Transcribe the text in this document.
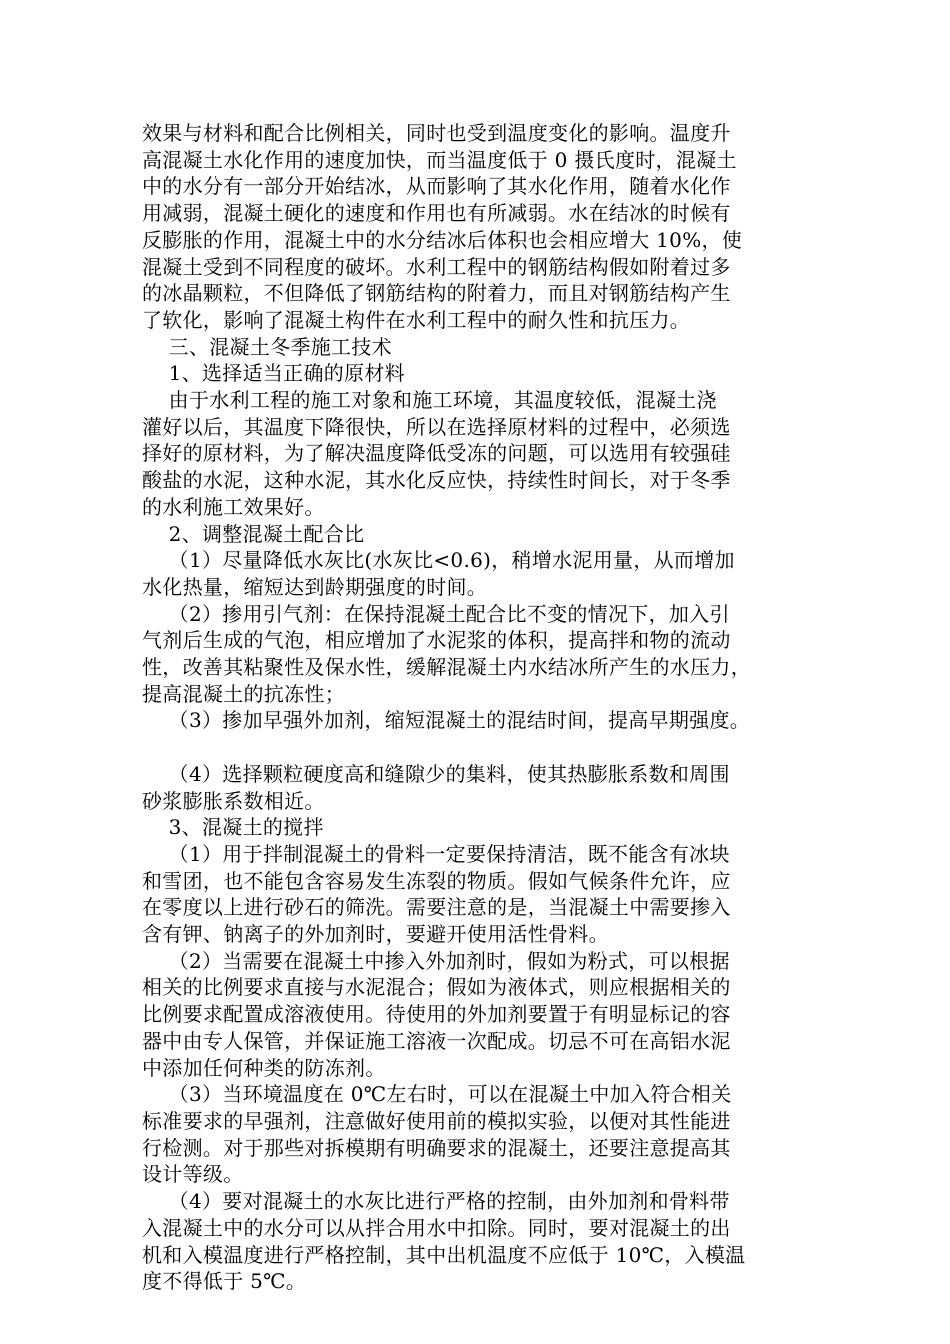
效果与材料和配合比例相关，同时也受到温度变化的影响。温度升

高混凝土水化作用的速度加快，而当温度低于 0 摄氏度时，混凝土

中的水分有一部分开始结冰，从而影响了其水化作用，随着水化作

用减弱，混凝土硬化的速度和作用也有所减弱。水在结冰的时候有

反膨胀的作用，混凝土中的水分结冰后体积也会相应增大 10%，使

混凝土受到不同程度的破坏。水利工程中的钢筋结构假如附着过多

的冰晶颗粒，不但降低了钢筋结构的附着力，而且对钢筋结构产生

了软化，影响了混凝土构件在水利工程中的耐久性和抗压力。

三、混凝土冬季施工技术

1、选择适当正确的原材料

由于水利工程的施工对象和施工环境，其温度较低，混凝土浇

灌好以后，其温度下降很快，所以在选择原材料的过程中，必须选

择好的原材料，为了解决温度降低受冻的问题，可以选用有较强硅

酸盐的水泥，这种水泥，其水化反应快，持续性时间长，对于冬季

的水利施工效果好。

2、调整混凝土配合比

（1）尽量降低水灰比(水灰比<0.6)，稍增水泥用量，从而增加

水化热量，缩短达到龄期强度的时间。

（2）掺用引气剂：在保持混凝土配合比不变的情况下，加入引

气剂后生成的气泡，相应增加了水泥浆的体积，提高拌和物的流动

性，改善其粘聚性及保水性，缓解混凝土内水结冰所产生的水压力，

提高混凝土的抗冻性；

（3）掺加早强外加剂，缩短混凝土的混结时间，提高早期强度。

（4）选择颗粒硬度高和缝隙少的集料，使其热膨胀系数和周围

砂浆膨胀系数相近。

3、混凝土的搅拌

（1）用于拌制混凝土的骨料一定要保持清洁，既不能含有冰块

和雪团，也不能包含容易发生冻裂的物质。假如气候条件允许，应

在零度以上进行砂石的筛洗。需要注意的是，当混凝土中需要掺入

含有钾、钠离子的外加剂时，要避开使用活性骨料。

（2）当需要在混凝土中掺入外加剂时，假如为粉式，可以根据

相关的比例要求直接与水泥混合；假如为液体式，则应根据相关的

比例要求配置成溶液使用。待使用的外加剂要置于有明显标记的容

器中由专人保管，并保证施工溶液一次配成。切忌不可在高铝水泥

中添加任何种类的防冻剂。

（3）当环境温度在 0℃左右时，可以在混凝土中加入符合相关

标准要求的早强剂，注意做好使用前的模拟实验，以便对其性能进

行检测。对于那些对拆模期有明确要求的混凝土，还要注意提高其

设计等级。

（4）要对混凝土的水灰比进行严格的控制，由外加剂和骨料带

入混凝土中的水分可以从拌合用水中扣除。同时，要对混凝土的出

机和入模温度进行严格控制，其中出机温度不应低于 10℃，入模温

度不得低于 5℃。
